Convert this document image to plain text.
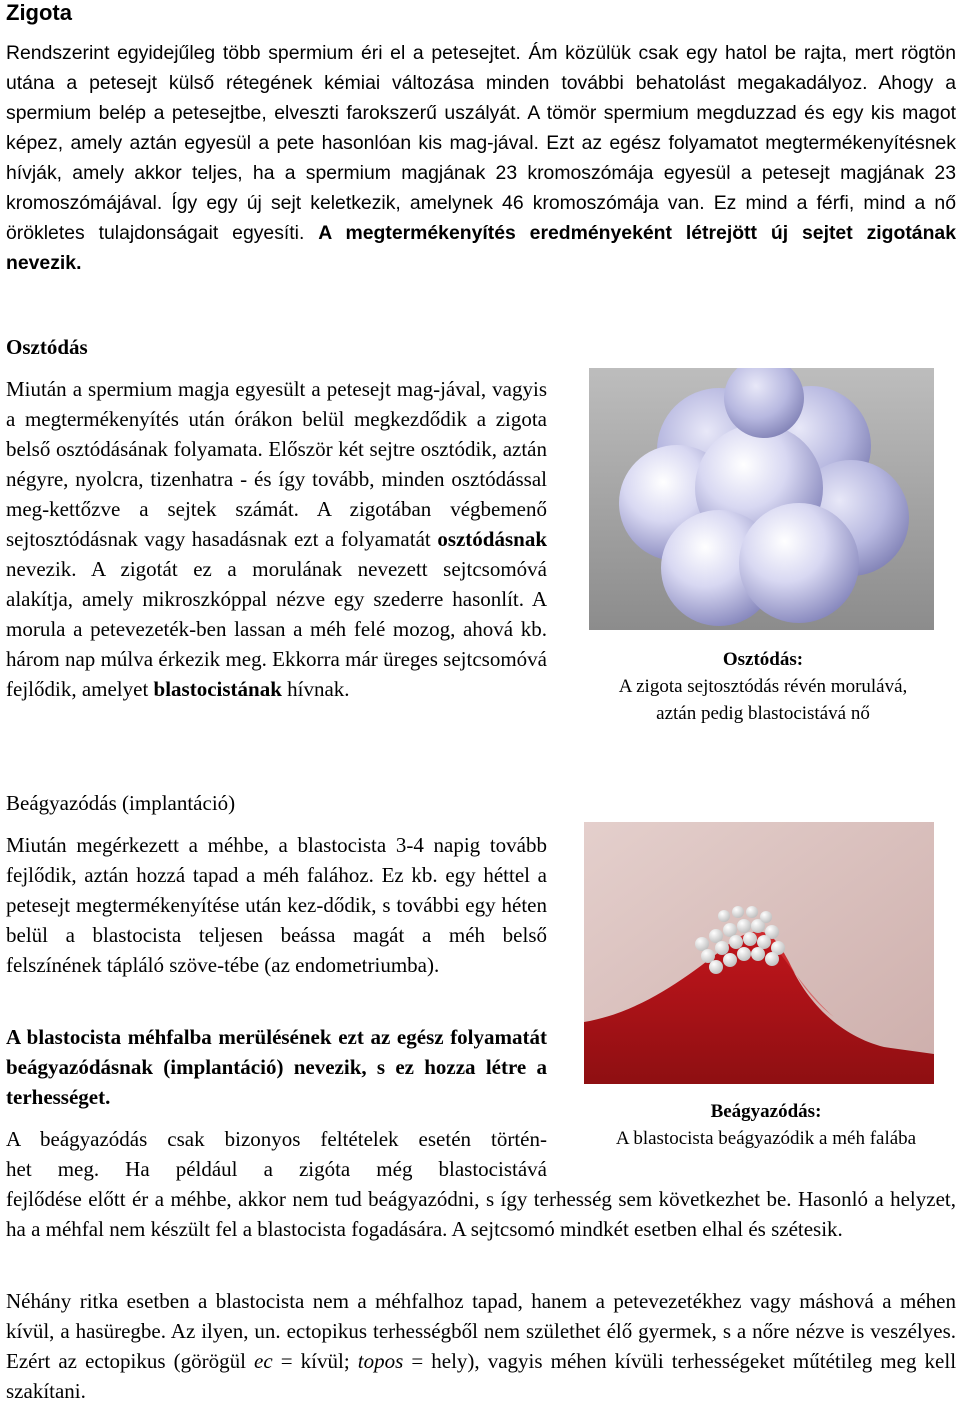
Zigota
Rendszerint egyidejűleg több spermium éri el a petesejtet. Ám közülük csak egy hatol be rajta, mert rögtön utána a petesejt külső rétegének kémiai változása minden további behatolást megakadályoz. Ahogy a spermium belép a petesejtbe, elveszti farokszerű uszályát. A tömör spermium megduzzad és egy kis magot képez, amely aztán egyesül a pete hasonlóan kis mag-jával. Ezt az egész folyamatot megtermékenyítésnek hívják, amely akkor teljes, ha a spermium magjának 23 kromoszómája egyesül a petesejt magjának 23 kromoszómájával. Így egy új sejt keletkezik, amelynek 46 kromoszómája van. Ez mind a férfi, mind a nő örökletes tulajdonságait egyesíti. A megtermékenyítés eredményeként létrejött új sejtet zigotának nevezik.
Osztódás
Miután a spermium magja egyesült a petesejt mag-jával, vagyis a megtermékenyítés után órákon belül megkezdődik a zigota belső osztódásának folyamata. Először két sejtre osztódik, aztán négyre, nyolcra, tizenhatra - és így tovább, minden osztódással meg-kettőzve a sejtek számát. A zigotában végbemenő sejtosztódásnak vagy hasadásnak ezt a folyamatát osztódásnak nevezik. A zigotát ez a morulának nevezett sejtcsomóvá alakítja, amely mikroszkóppal nézve egy szederre hasonlít. A morula a petevezeték-ben lassan a méh felé mozog, ahová kb. három nap múlva érkezik meg. Ekkorra már üreges sejtcsomóvá fejlődik, amelyet blastocistának hívnak.
Osztódás:
A zigota sejtosztódás révén morulává,
aztán pedig blastocistává nő
Beágyazódás (implantáció)
Miután megérkezett a méhbe, a blastocista 3-4 napig tovább fejlődik, aztán hozzá tapad a méh falához. Ez kb. egy héttel a petesejt megtermékenyítése után kez-dődik, s további egy héten belül a blastocista teljesen beássa magát a méh belső felszínének tápláló szöve-tébe (az endometriumba).
A blastocista méhfalba merülésének ezt az egész folyamatát beágyazódásnak (implantáció) nevezik, s ez hozza létre a terhességet.
Beágyazódás:
A blastocista beágyazódik a méh falába

A beágyazódás csak bizonyos feltételek esetén történ-

het meg. Ha például a zigóta még blastocistává

fejlődése előtt ér a méhbe, akkor nem tud beágyazódni, s így terhesség sem következhet be. Hasonló a helyzet, ha a méhfal nem készült fel a blastocista fogadására. A sejtcsomó mindkét esetben elhal és szétesik.
Néhány ritka esetben a blastocista nem a méhfalhoz tapad, hanem a petevezetékhez vagy máshová a méhen kívül, a hasüregbe. Az ilyen, un. ectopikus terhességből nem születhet élő gyermek, s a nőre nézve is veszélyes. Ezért az ectopikus (görögül ec = kívül; topos = hely), vagyis méhen kívüli terhességeket műtétileg meg kell szakítani.
